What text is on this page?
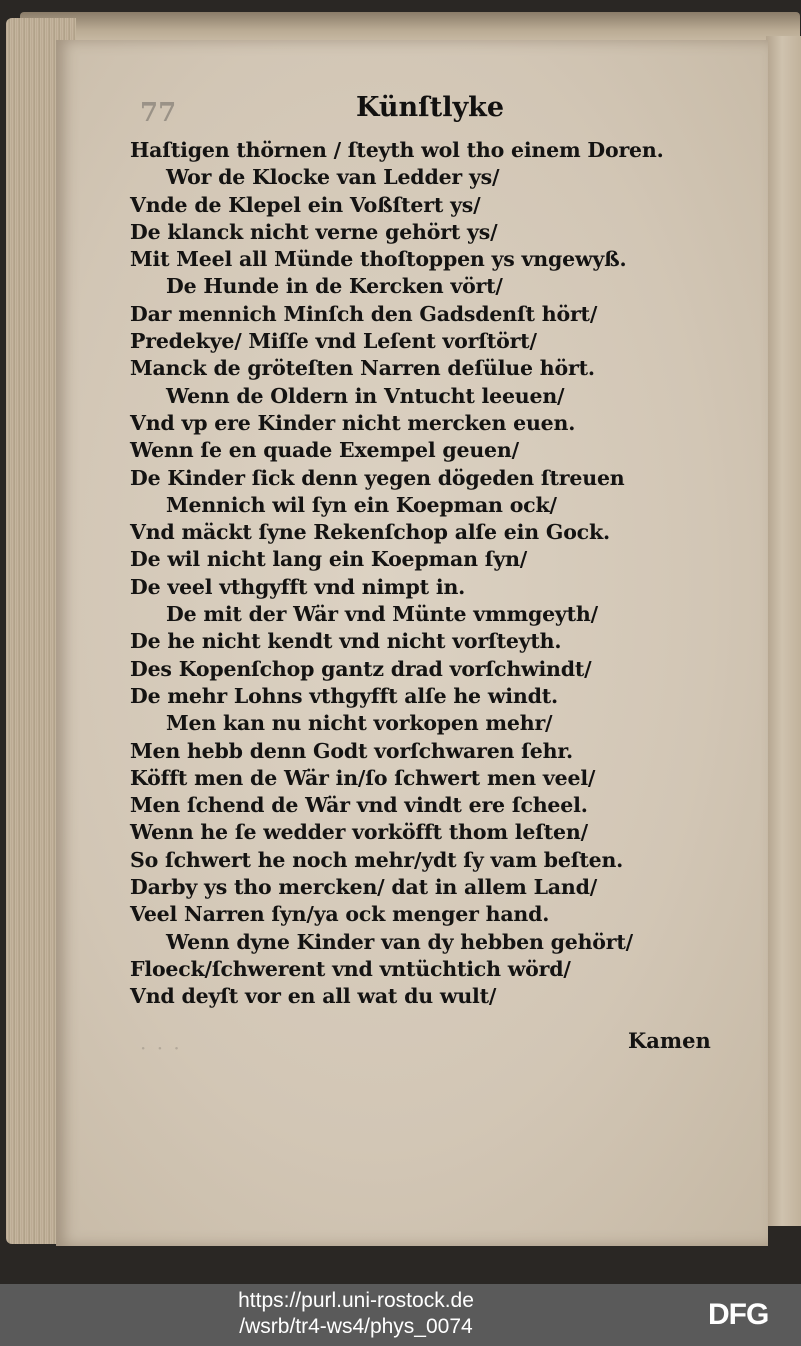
77	Künſtlyke
Haſtigen thörnen / ſteyth wol tho einem Doren.
Wor de Klocke van Ledder ys/
Vnde de Klepel ein Voßſtert ys/
De klanck nicht verne gehört ys/
Mit Meel all Münde thoſtoppen ys vngewyß.
De Hunde in de Kercken vört/
Dar mennich Minſch den Gadsdenſt hört/
Predekye/ Miſſe vnd Leſent vorſtört/
Manck de gröteſten Narren deſülue hört.
Wenn de Oldern in Vntucht leeuen/
Vnd vp ere Kinder nicht mercken euen.
Wenn ſe en quade Exempel geuen/
De Kinder ſick denn yegen dögeden ſtreuen
Mennich wil ſyn ein Koepman ock/
Vnd mäckt ſyne Rekenſchop alſe ein Gock.
De wil nicht lang ein Koepman ſyn/
De veel vthgyfft vnd nimpt in.
De mit der Wär vnd Münte vmmgeyth/
De he nicht kendt vnd nicht vorſteyth.
Des Kopenſchop gantz drad vorſchwindt/
De mehr Lohns vthgyfft alſe he windt.
Men kan nu nicht vorkopen mehr/
Men hebb denn Godt vorſchwaren ſehr.
Köfft men de Wär in/ſo ſchwert men veel/
Men ſchend de Wär vnd vindt ere ſcheel.
Wenn he ſe wedder vorköfft thom leſten/
So ſchwert he noch mehr/ydt ſy vam beſten.
Darby ys tho mercken/ dat in allem Land/
Veel Narren ſyn/ya ock menger hand.
Wenn dyne Kinder van dy hebben gehört/
Floeck/ſchwerent vnd vntüchtich wörd/
Vnd deyſt vor en all wat du wult/
· · ·	Kamen
https://purl.uni-rostock.de
/wsrb/tr4-ws4/phys_0074	DFG
